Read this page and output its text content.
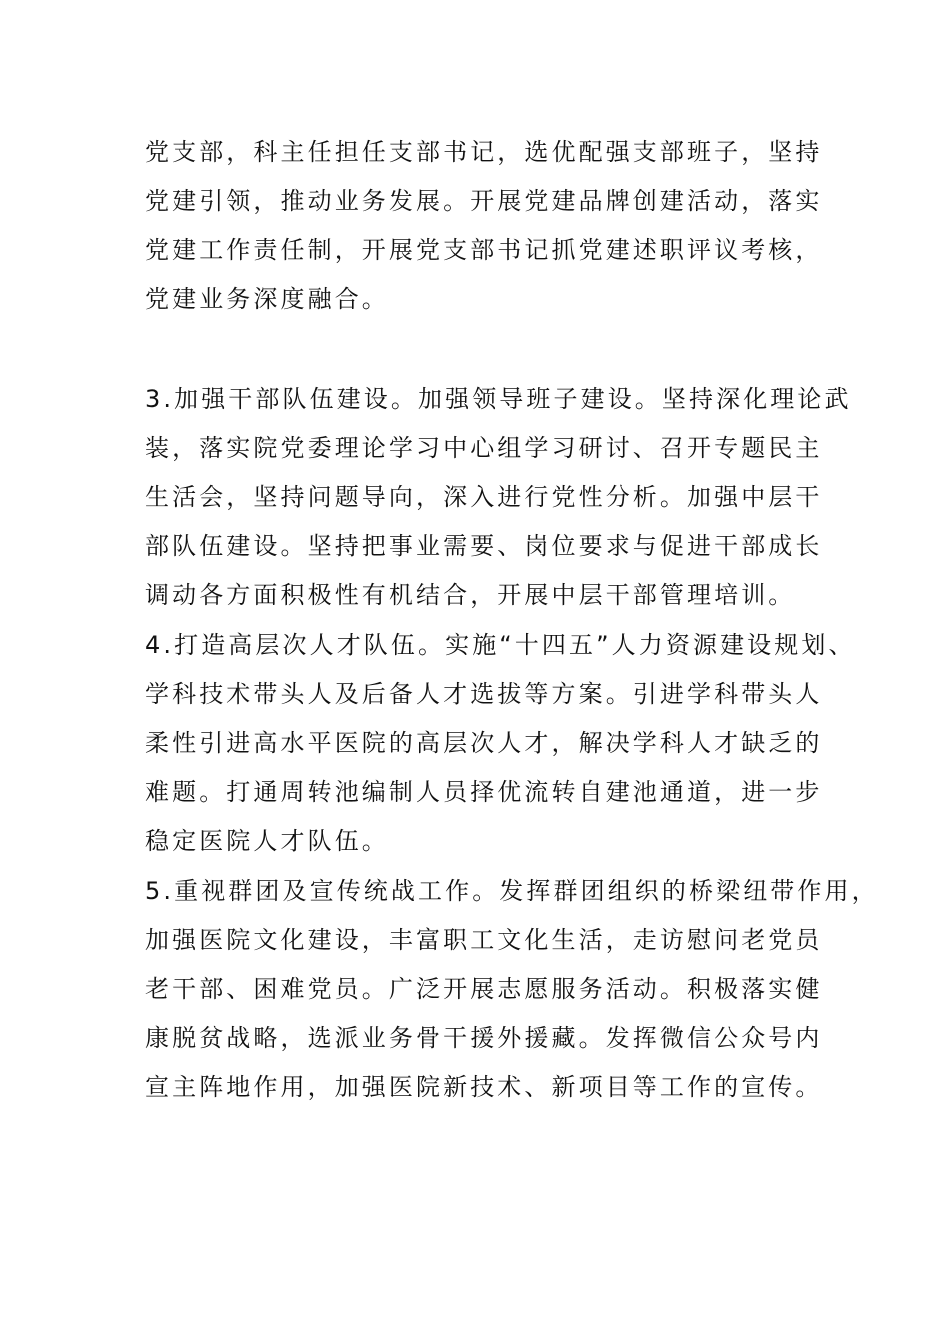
党支部，科主任担任支部书记，选优配强支部班子，坚持
党建引领，推动业务发展。开展党建品牌创建活动，落实
党建工作责任制，开展党支部书记抓党建述职评议考核，
党建业务深度融合。
3.加强干部队伍建设。加强领导班子建设。坚持深化理论武
装，落实院党委理论学习中心组学习研讨、召开专题民主
生活会，坚持问题导向，深入进行党性分析。加强中层干
部队伍建设。坚持把事业需要、岗位要求与促进干部成长
调动各方面积极性有机结合，开展中层干部管理培训。
4.打造高层次人才队伍。实施“十四五”人力资源建设规划、
学科技术带头人及后备人才选拔等方案。引进学科带头人
柔性引进高水平医院的高层次人才，解决学科人才缺乏的
难题。打通周转池编制人员择优流转自建池通道，进一步
稳定医院人才队伍。
5.重视群团及宣传统战工作。发挥群团组织的桥梁纽带作用，
加强医院文化建设，丰富职工文化生活，走访慰问老党员
老干部、困难党员。广泛开展志愿服务活动。积极落实健
康脱贫战略，选派业务骨干援外援藏。发挥微信公众号内
宣主阵地作用，加强医院新技术、新项目等工作的宣传。
